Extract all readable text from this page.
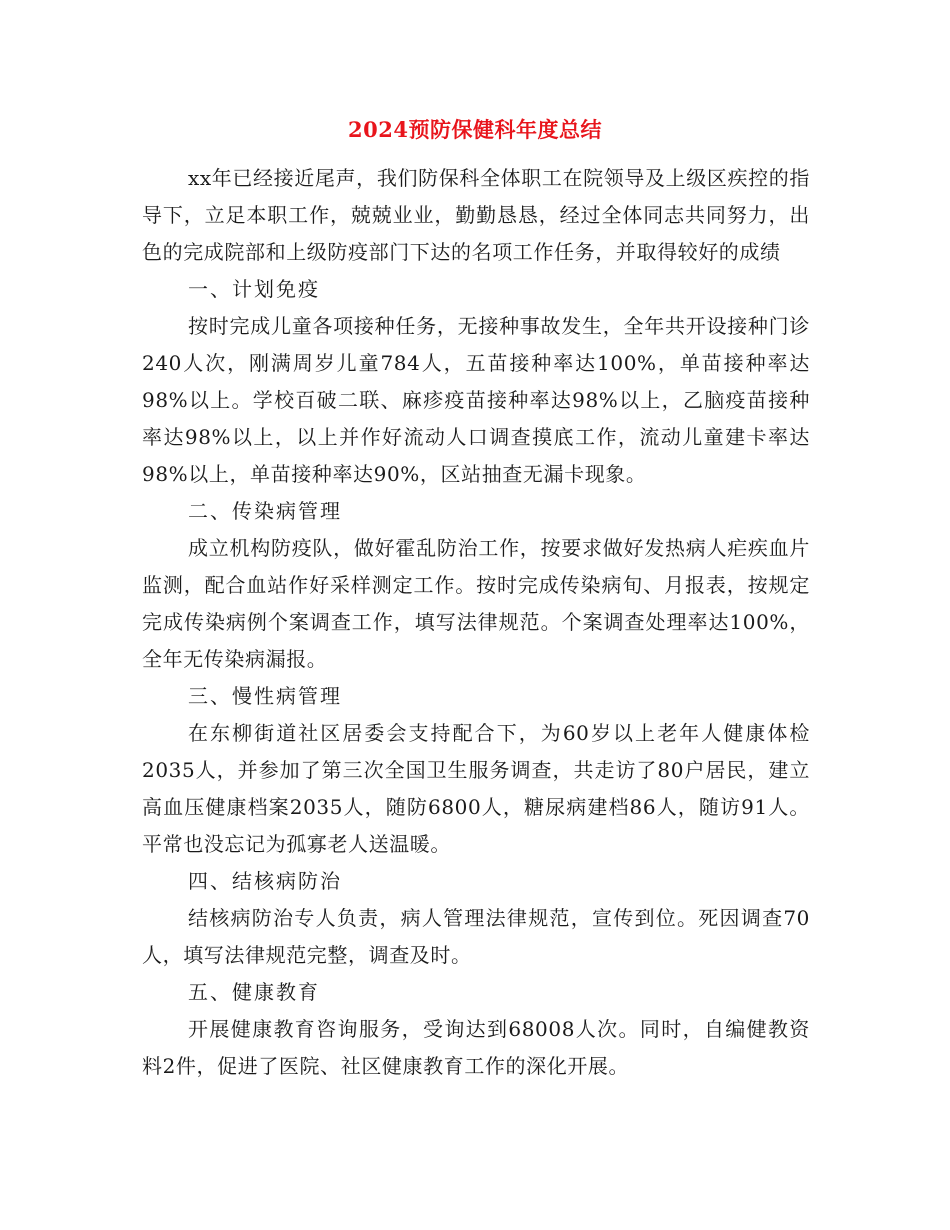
2024预防保健科年度总结

xx年已经接近尾声，我们防保科全体职工在院领导及上级区疾控的指导下，立足本职工作，兢兢业业，勤勤恳恳，经过全体同志共同努力，出色的完成院部和上级防疫部门下达的名项工作任务，并取得较好的成绩

一、计划免疫

按时完成儿童各项接种任务，无接种事故发生，全年共开设接种门诊240人次，刚满周岁儿童784人，五苗接种率达100%，单苗接种率达98%以上。学校百破二联、麻疹疫苗接种率达98%以上，乙脑疫苗接种率达98%以上，以上并作好流动人口调查摸底工作，流动儿童建卡率达98%以上，单苗接种率达90%，区站抽查无漏卡现象。

二、传染病管理

成立机构防疫队，做好霍乱防治工作，按要求做好发热病人疟疾血片监测，配合血站作好采样测定工作。按时完成传染病旬、月报表，按规定完成传染病例个案调查工作，填写法律规范。个案调查处理率达100%，全年无传染病漏报。

三、慢性病管理

在东柳街道社区居委会支持配合下，为60岁以上老年人健康体检2035人，并参加了第三次全国卫生服务调查，共走访了80户居民，建立高血压健康档案2035人，随防6800人，糖尿病建档86人，随访91人。平常也没忘记为孤寡老人送温暖。

四、结核病防治

结核病防治专人负责，病人管理法律规范，宣传到位。死因调查70人，填写法律规范完整，调查及时。

五、健康教育

开展健康教育咨询服务，受询达到68008人次。同时，自编健教资料2件，促进了医院、社区健康教育工作的深化开展。
